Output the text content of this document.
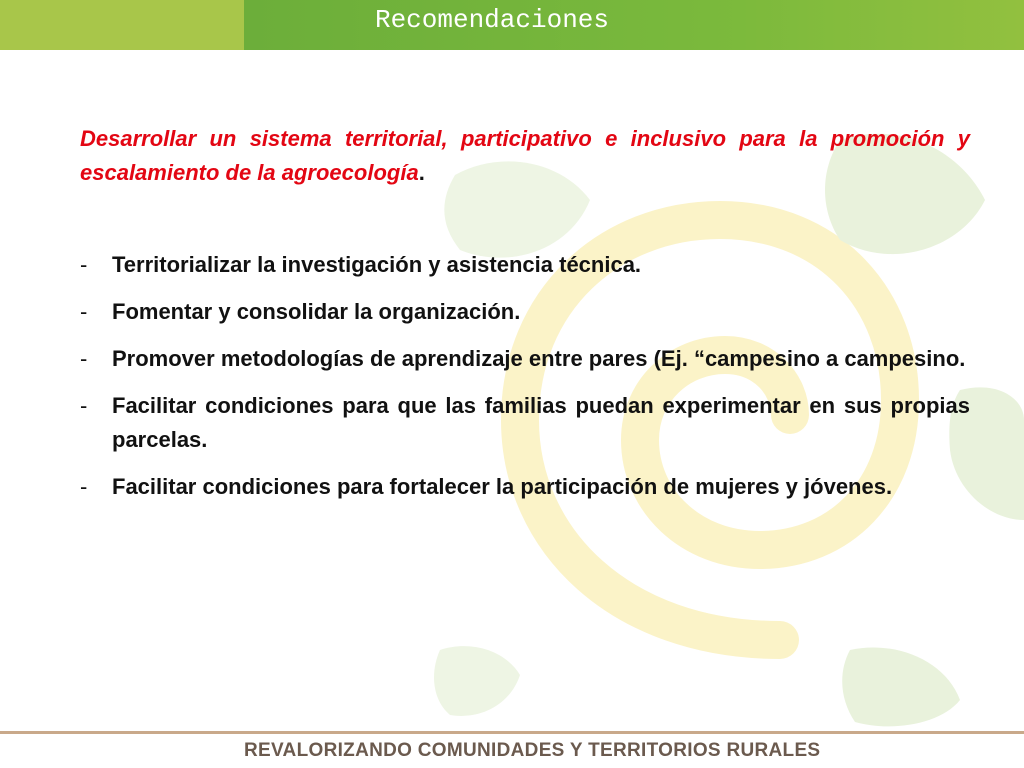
Recomendaciones

Desarrollar un sistema territorial, participativo e inclusivo para la promoción y escalamiento de la agroecología.

-	Territorializar la investigación y asistencia técnica.
-	Fomentar y consolidar la organización.
-	Promover metodologías de aprendizaje entre pares (Ej. “campesino a campesino.
-	Facilitar condiciones para que las familias puedan experimentar en sus propias parcelas.
-	Facilitar condiciones para fortalecer la participación de mujeres y jóvenes.
REVALORIZANDO COMUNIDADES Y TERRITORIOS RURALES
